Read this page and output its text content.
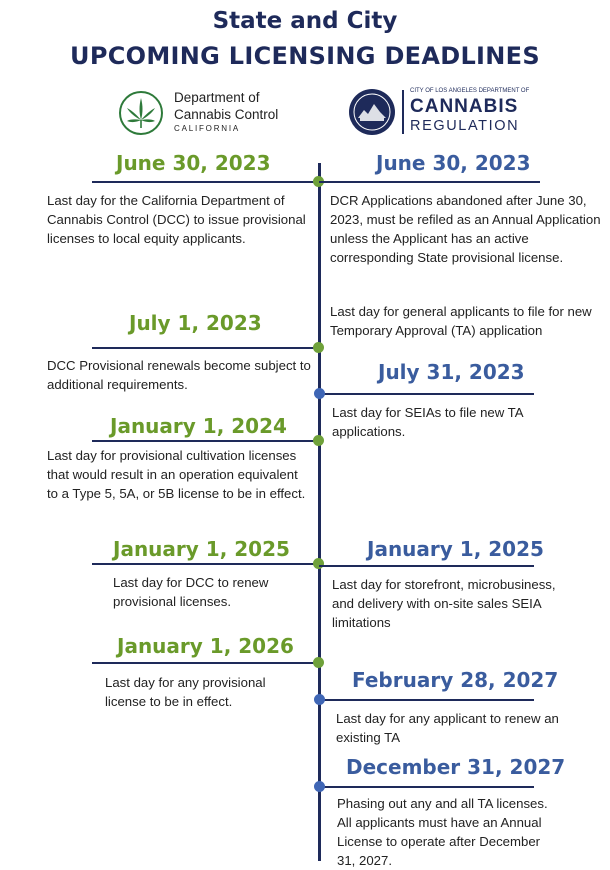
State and City
UPCOMING LICENSING DEADLINES
Department of
Cannabis Control
CALIFORNIA
CITY OF LOS ANGELES DEPARTMENT OF
CANNABIS
REGULATION
June 30, 2023
Last day for the California Department of Cannabis Control (DCC) to issue provisional licenses to local equity applicants.
July 1, 2023
DCC Provisional renewals become subject to additional requirements.
January 1, 2024
Last day for provisional cultivation licenses that would result in an operation equivalent to a Type 5, 5A, or 5B license to be in effect.
January 1, 2025
Last day for DCC to renew provisional licenses.
January 1, 2026
Last day for any provisional license to be in effect.
June 30, 2023
DCR Applications abandoned after June 30, 2023, must be refiled as an Annual Application unless the Applicant has an active corresponding State provisional license.
Last day for general applicants to file for new Temporary Approval (TA) application
July 31, 2023
Last day for SEIAs to file new TA applications.
January 1, 2025
Last day for storefront, microbusiness, and delivery with on-site sales SEIA limitations
February 28, 2027
Last day for any applicant to renew an existing TA
December 31, 2027
Phasing out any and all TA licenses. All applicants must have an Annual License to operate after December 31, 2027.
